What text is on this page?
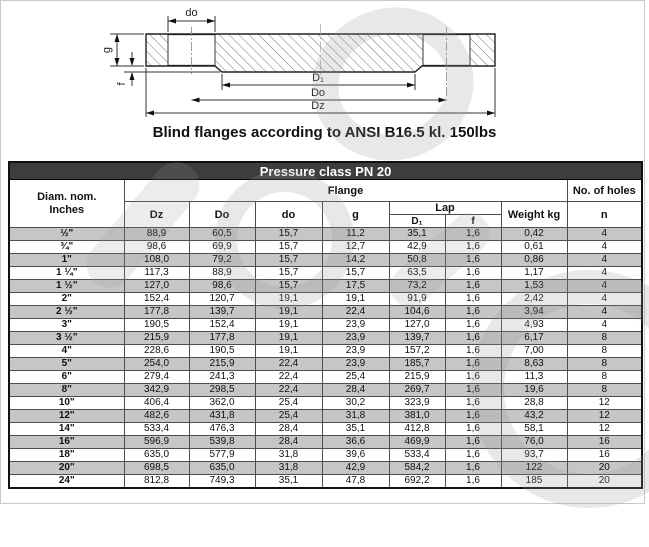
do
g
f	D₁
Do
Dz
Blind flanges according to ANSI B16.5 kl. 150lbs
Pressure class PN 20								
Diam. nom.
Inches	Flange							No. of holes
	Dz	Do	do	g	Lap		Weight kg	n
					D₁	f		
½"	88,9	60,5	15,7	11,2	35,1	1,6	0,42	4
¾"	98,6	69,9	15,7	12,7	42,9	1,6	0,61	4
1"	108,0	79,2	15,7	14,2	50,8	1,6	0,86	4
1 ¼"	117,3	88,9	15,7	15,7	63,5	1,6	1,17	4
1 ½"	127,0	98,6	15,7	17,5	73,2	1,6	1,53	4
2"	152,4	120,7	19,1	19,1	91,9	1,6	2,42	4
2 ½"	177,8	139,7	19,1	22,4	104,6	1,6	3,94	4
3"	190,5	152,4	19,1	23,9	127,0	1,6	4,93	4
3 ½"	215,9	177,8	19,1	23,9	139,7	1,6	6,17	8
4"	228,6	190,5	19,1	23,9	157,2	1,6	7,00	8
5"	254,0	215,9	22,4	23,9	185,7	1,6	8,63	8
6"	279,4	241,3	22,4	25,4	215,9	1,6	11,3	8
8"	342,9	298,5	22,4	28,4	269,7	1,6	19,6	8
10"	406,4	362,0	25,4	30,2	323,9	1,6	28,8	12
12"	482,6	431,8	25,4	31,8	381,0	1,6	43,2	12
14"	533,4	476,3	28,4	35,1	412,8	1,6	58,1	12
16"	596,9	539,8	28,4	36,6	469,9	1,6	76,0	16
18"	635,0	577,9	31,8	39,6	533,4	1,6	93,7	16
20"	698,5	635,0	31,8	42,9	584,2	1,6	122	20
24"	812,8	749,3	35,1	47,8	692,2	1,6	185	20
